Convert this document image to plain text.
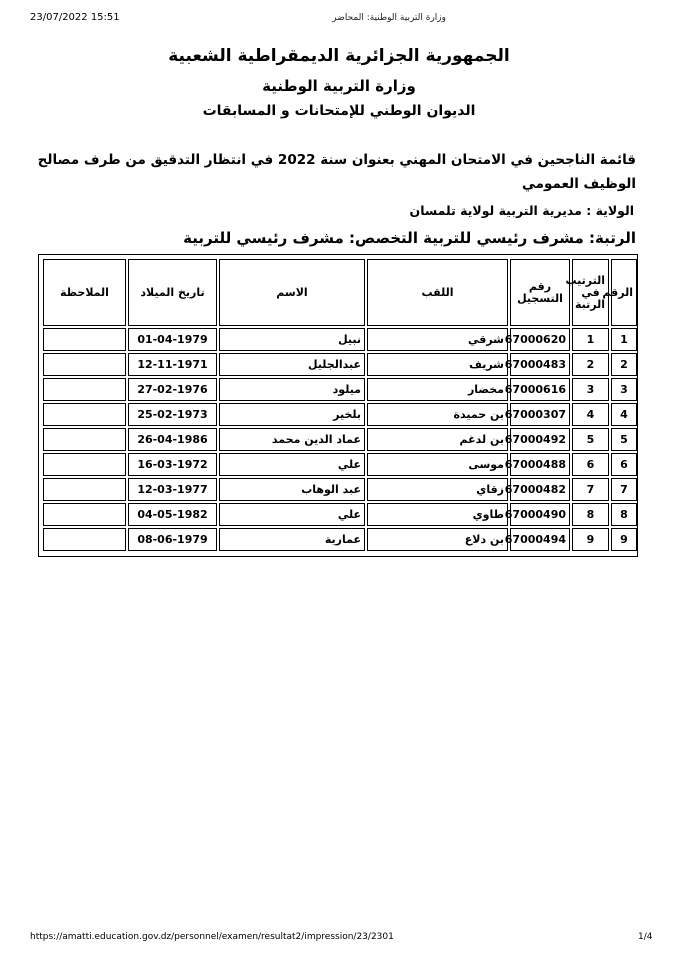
23/07/2022 15:51	وزارة التربية الوطنية: المحاضر
الجمهورية الجزائرية الديمقراطية الشعبية
وزارة التربية الوطنية
الديوان الوطني للإمتحانات و المسابقات
قائمة الناجحين في الامتحان المهني بعنوان سنة 2022 في انتظار التدقيق من طرف مصالح الوظيف العمومي
الولاية : مديرية التربية لولاية تلمسان
الرتبة: مشرف رئيسي للتربية التخصص: مشرف رئيسي للتربية
الرقم	الترتيب في الرتبة	رقم التسجيل	اللقب	الاسم	تاريخ الميلاد	الملاحظة
1	1	67000620	شرقي	نبيل	01-04-1979	
2	2	67000483	شريف	عبدالجليل	12-11-1971	
3	3	67000616	مخضار	ميلود	27-02-1976	
4	4	67000307	بن حميدة	بلخير	25-02-1973	
5	5	67000492	بن لدغم	عماد الدين محمد	26-04-1986	
6	6	67000488	موسى	علي	16-03-1972	
7	7	67000482	زقاي	عبد الوهاب	12-03-1977	
8	8	67000490	طاوي	علي	04-05-1982	
9	9	67000494	بن دلاع	عمارية	08-06-1979	
https://amatti.education.gov.dz/personnel/examen/resultat2/impression/23/2301	1/4
